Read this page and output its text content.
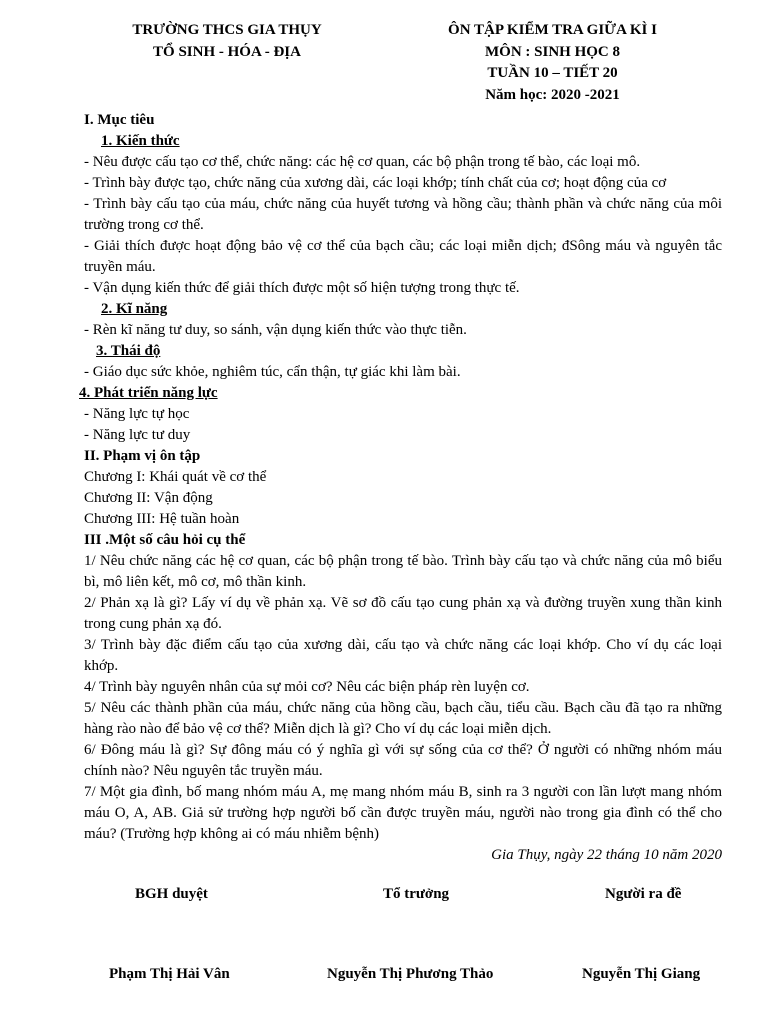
TRƯỜNG THCS GIA THỤY
TỔ SINH - HÓA - ĐỊA
ÔN TẬP KIỂM TRA GIỮA KÌ I
MÔN : SINH HỌC 8
TUẦN 10 – TIẾT 20
Năm học: 2020 -2021
I. Mục tiêu
1. Kiến thức
- Nêu được cấu tạo cơ thể, chức năng: các hệ cơ quan, các bộ phận trong tế bào, các loại mô.
- Trình bày được tạo, chức năng của xương dài, các loại khớp; tính chất của cơ; hoạt động của cơ
- Trình bày cấu tạo của máu, chức năng của huyết tương và hồng cầu; thành phần và chức năng của môi trường trong cơ thể.
- Giải thích được hoạt động bảo vệ cơ thể của bạch cầu; các loại miễn dịch; đSông máu và nguyên tắc truyền máu.
- Vận dụng kiến thức để giải thích được một số hiện tượng trong thực tế.
2. Kĩ năng
- Rèn kĩ năng tư duy, so sánh, vận dụng kiến thức vào thực tiễn.
3. Thái độ
- Giáo dục sức khỏe, nghiêm túc, cẩn thận, tự giác khi làm bài.
4. Phát triển năng lực
- Năng lực tự học
- Năng lực tư duy
II. Phạm vị ôn tập
Chương I: Khái quát về cơ thể
Chương II: Vận động
Chương III: Hệ tuần hoàn
III .Một số câu hỏi cụ thể
1/ Nêu chức năng các hệ cơ quan, các bộ phận trong tế bào. Trình bày cấu tạo và chức năng của mô biểu bì, mô liên kết, mô cơ, mô thần kinh.
2/ Phản xạ là gì? Lấy ví dụ về phản xạ. Vẽ sơ đồ cấu tạo cung phản xạ và đường truyền xung thần kinh trong cung phản xạ đó.
3/ Trình bày đặc điểm cấu tạo của xương dài, cấu tạo và chức năng các loại khớp. Cho ví dụ các loại khớp.
4/ Trình bày nguyên nhân của sự mỏi cơ? Nêu các biện pháp rèn luyện cơ.
5/ Nêu các thành phần của máu, chức năng của hồng cầu, bạch cầu, tiểu cầu. Bạch cầu đã tạo ra những hàng rào nào để bảo vệ cơ thể? Miễn dịch là gì? Cho ví dụ các loại miễn dịch.
6/ Đông máu là gì? Sự đông máu có ý nghĩa gì với sự sống của cơ thể? Ở người có những nhóm máu chính nào? Nêu nguyên tắc truyền máu.
7/ Một gia đình, bố mang nhóm máu A, mẹ mang nhóm máu B, sinh ra 3 người con lần lượt mang nhóm máu O, A, AB. Giả sử trường hợp người bố cần được truyền máu, người nào trong gia đình có thể cho máu? (Trường hợp không ai có máu nhiễm bệnh)
Gia Thụy, ngày 22 tháng 10 năm 2020
BGH duyệt	Tổ trưởng	Người ra đề
Phạm Thị Hải Vân	Nguyễn Thị Phương Thảo	Nguyễn Thị Giang
